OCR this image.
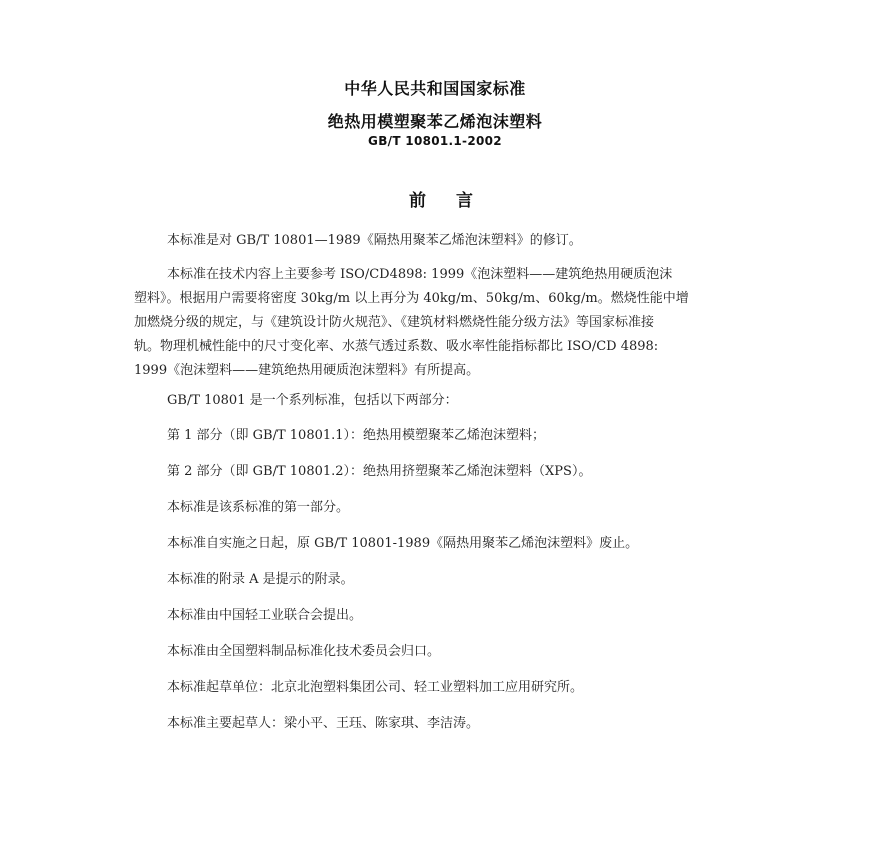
中华人民共和国国家标准
绝热用模塑聚苯乙烯泡沫塑料
GB/T 10801.1-2002
前 言
本标准是对 GB/T 10801—1989《隔热用聚苯乙烯泡沫塑料》的修订。
本标准在技术内容上主要参考 ISO/CD4898: 1999《泡沫塑料——建筑绝热用硬质泡沫
塑料》。根据用户需要将密度 30kg/m 以上再分为 40kg/m、50kg/m、60kg/m。燃烧性能中增
加燃烧分级的规定，与《建筑设计防火规范》、《建筑材料燃烧性能分级方法》等国家标准接
轨。物理机械性能中的尺寸变化率、水蒸气透过系数、吸水率性能指标都比 ISO/CD 4898:
1999《泡沫塑料——建筑绝热用硬质泡沫塑料》有所提高。
GB/T 10801 是一个系列标准，包括以下两部分：
第 1 部分（即 GB/T 10801.1）：绝热用模塑聚苯乙烯泡沫塑料；
第 2 部分（即 GB/T 10801.2）：绝热用挤塑聚苯乙烯泡沫塑料（XPS）。
本标准是该系标准的第一部分。
本标准自实施之日起，原 GB/T 10801-1989《隔热用聚苯乙烯泡沫塑料》废止。
本标准的附录 A 是提示的附录。
本标准由中国轻工业联合会提出。
本标准由全国塑料制品标准化技术委员会归口。
本标准起草单位：北京北泡塑料集团公司、轻工业塑料加工应用研究所。
本标准主要起草人：梁小平、王珏、陈家琪、李洁涛。
